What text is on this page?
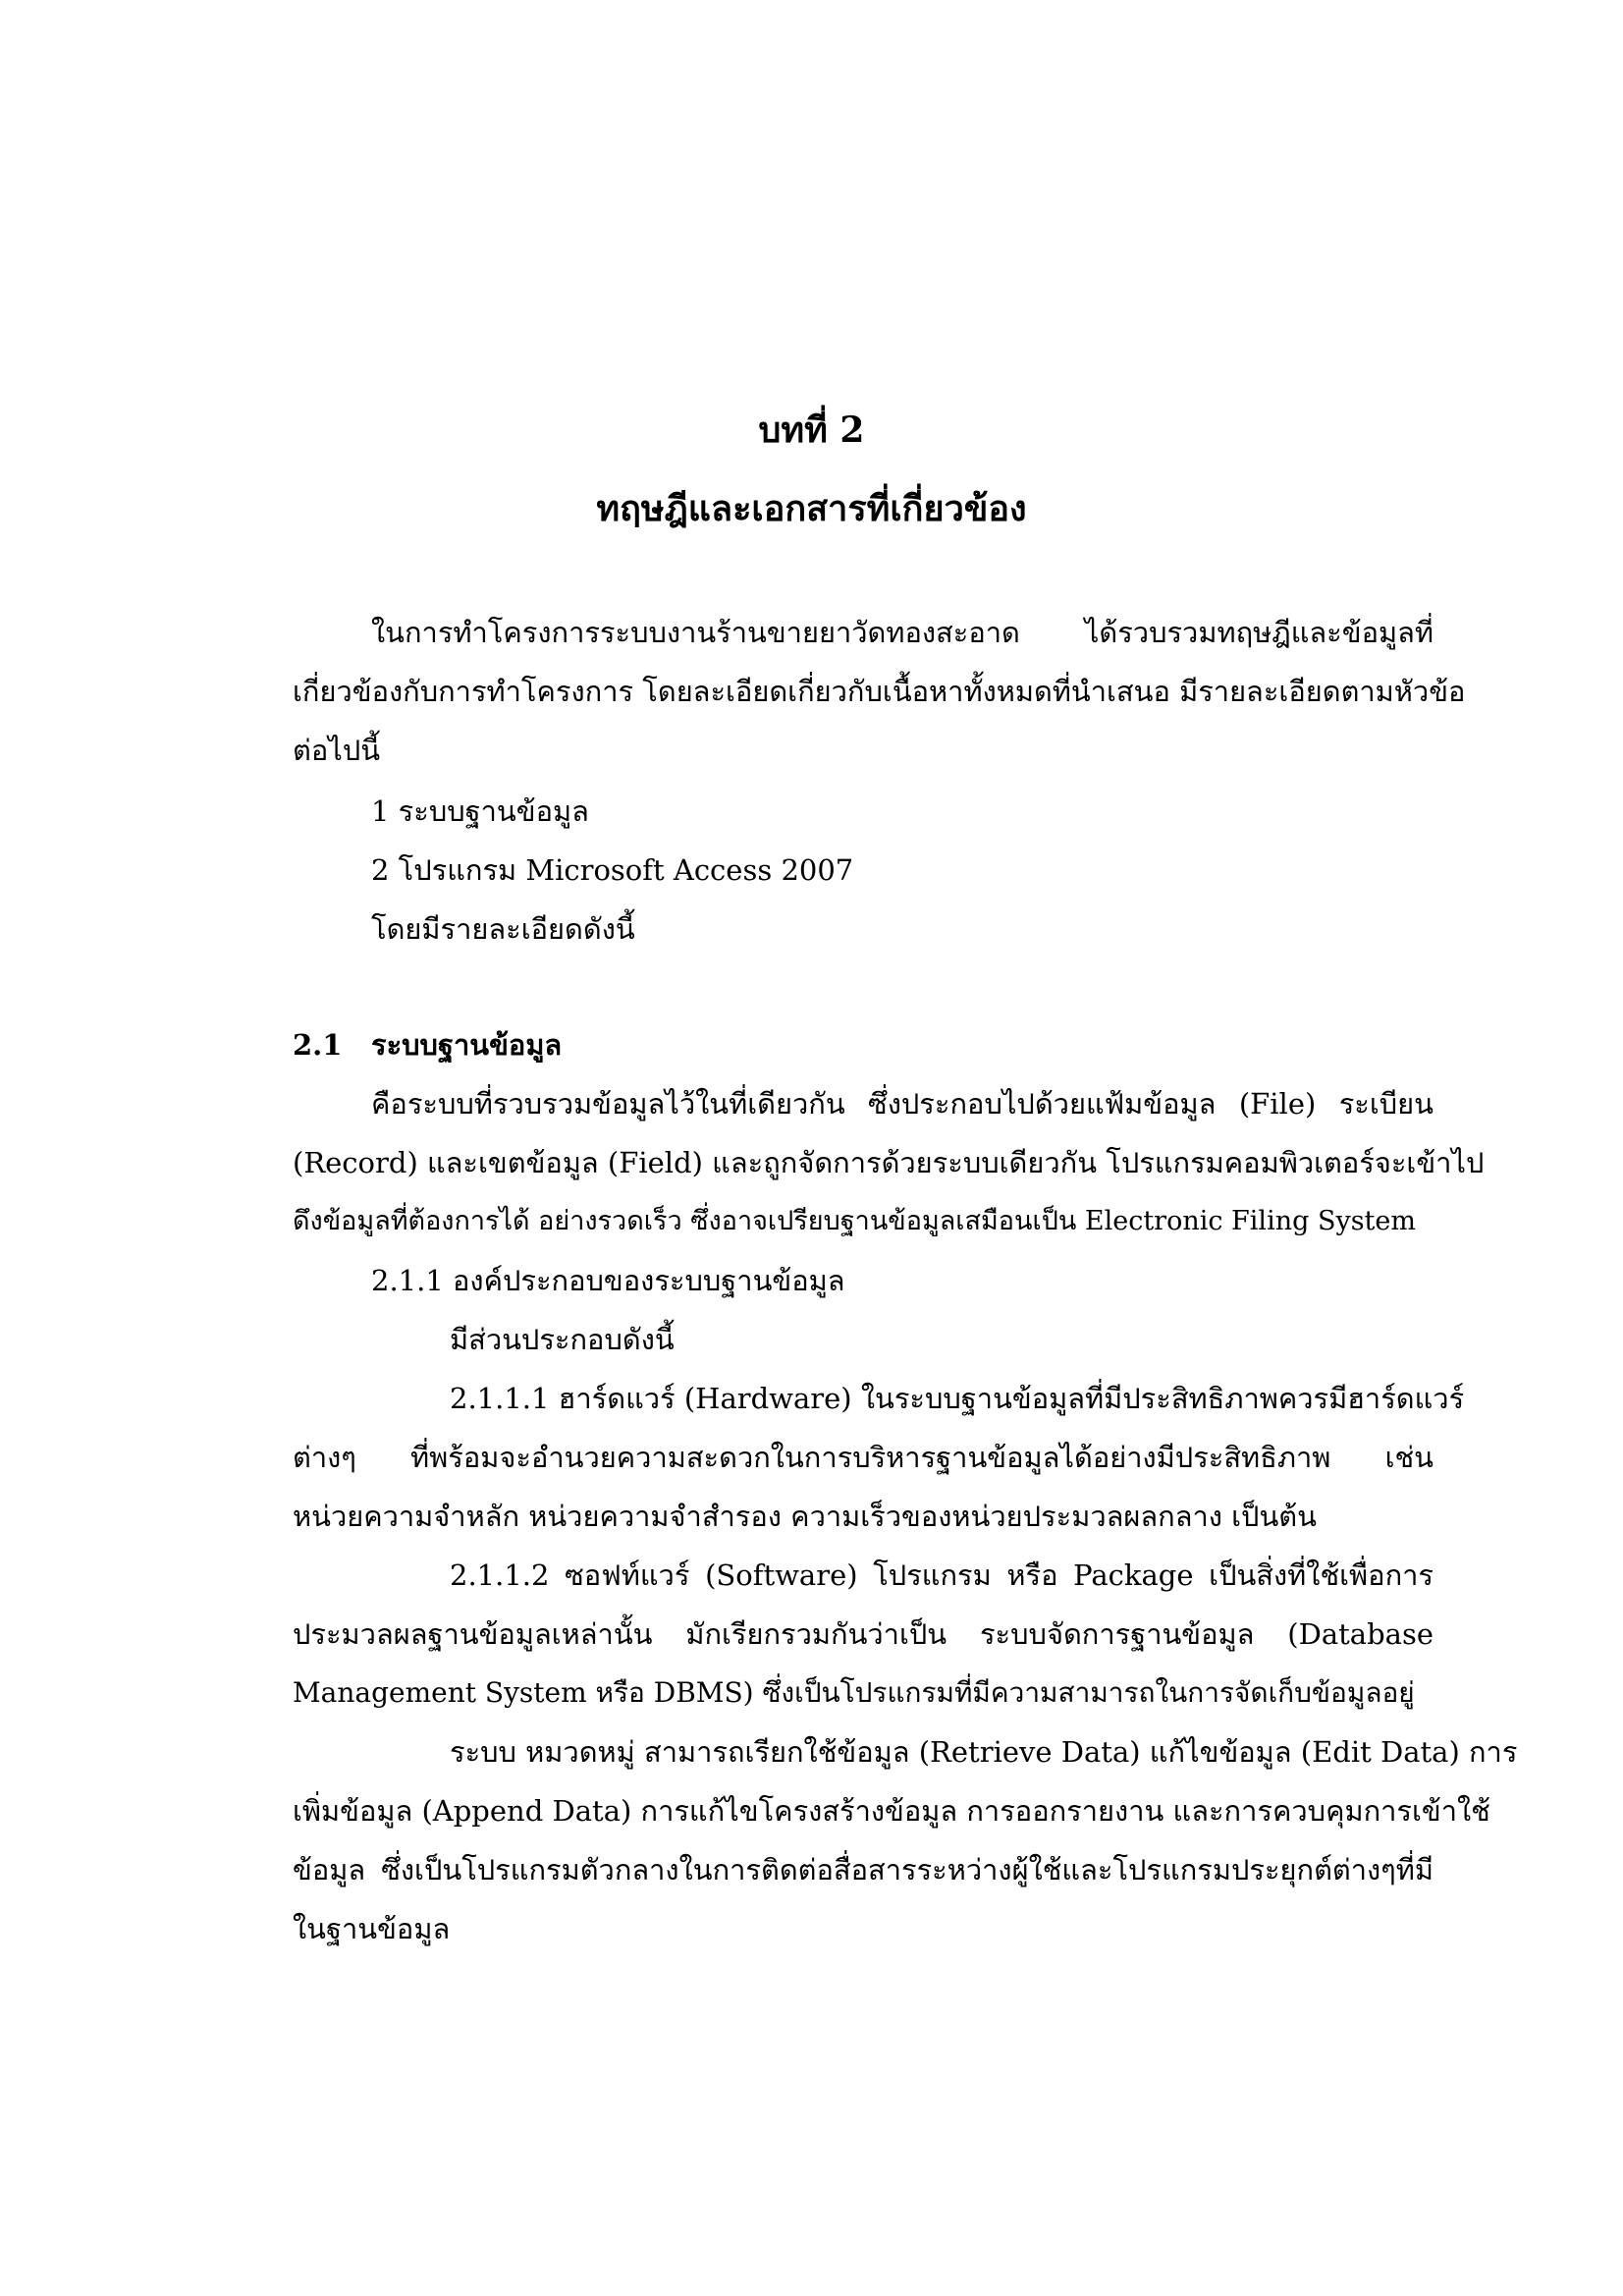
บทที่ 2
ทฤษฎีและเอกสารที่เกี่ยวข้อง

ในการทำโครงการระบบงานร้านขายยาวัดทองสะอาด ได้รวบรวมทฤษฎีและข้อมูลที่

เกี่ยวข้องกับการทำโครงการ โดยละเอียดเกี่ยวกับเนื้อหาทั้งหมดที่นำเสนอ มีรายละเอียดตามหัวข้อ

ต่อไปนี้

1 ระบบฐานข้อมูล

2 โปรแกรม Microsoft Access 2007

โดยมีรายละเอียดดังนี้

2.1 ระบบฐานข้อมูล

คือระบบที่รวบรวมข้อมูลไว้ในที่เดียวกัน ซึ่งประกอบไปด้วยแฟ้มข้อมูล (File) ระเบียน

(Record) และเขตข้อมูล (Field) และถูกจัดการด้วยระบบเดียวกัน โปรแกรมคอมพิวเตอร์จะเข้าไป

ดึงข้อมูลที่ต้องการได้ อย่างรวดเร็ว ซึ่งอาจเปรียบฐานข้อมูลเสมือนเป็น Electronic Filing System

2.1.1 องค์ประกอบของระบบฐานข้อมูล

มีส่วนประกอบดังนี้

2.1.1.1 ฮาร์ดแวร์ (Hardware) ในระบบฐานข้อมูลที่มีประสิทธิภาพควรมีฮาร์ดแวร์

ต่างๆ ที่พร้อมจะอำนวยความสะดวกในการบริหารฐานข้อมูลได้อย่างมีประสิทธิภาพ เช่น

หน่วยความจำหลัก หน่วยความจำสำรอง ความเร็วของหน่วยประมวลผลกลาง เป็นต้น

2.1.1.2 ซอฟท์แวร์ (Software) โปรแกรม หรือ Package เป็นสิ่งที่ใช้เพื่อการ

ประมวลผลฐานข้อมูลเหล่านั้น มักเรียกรวมกันว่าเป็น ระบบจัดการฐานข้อมูล (Database

Management System หรือ DBMS) ซึ่งเป็นโปรแกรมที่มีความสามารถในการจัดเก็บข้อมูลอยู่

ระบบ หมวดหมู่ สามารถเรียกใช้ข้อมูล (Retrieve Data) แก้ไขข้อมูล (Edit Data) การ

เพิ่มข้อมูล (Append Data) การแก้ไขโครงสร้างข้อมูล การออกรายงาน และการควบคุมการเข้าใช้

ข้อมูล ซึ่งเป็นโปรแกรมตัวกลางในการติดต่อสื่อสารระหว่างผู้ใช้และโปรแกรมประยุกต์ต่างๆที่มี

ในฐานข้อมูล
